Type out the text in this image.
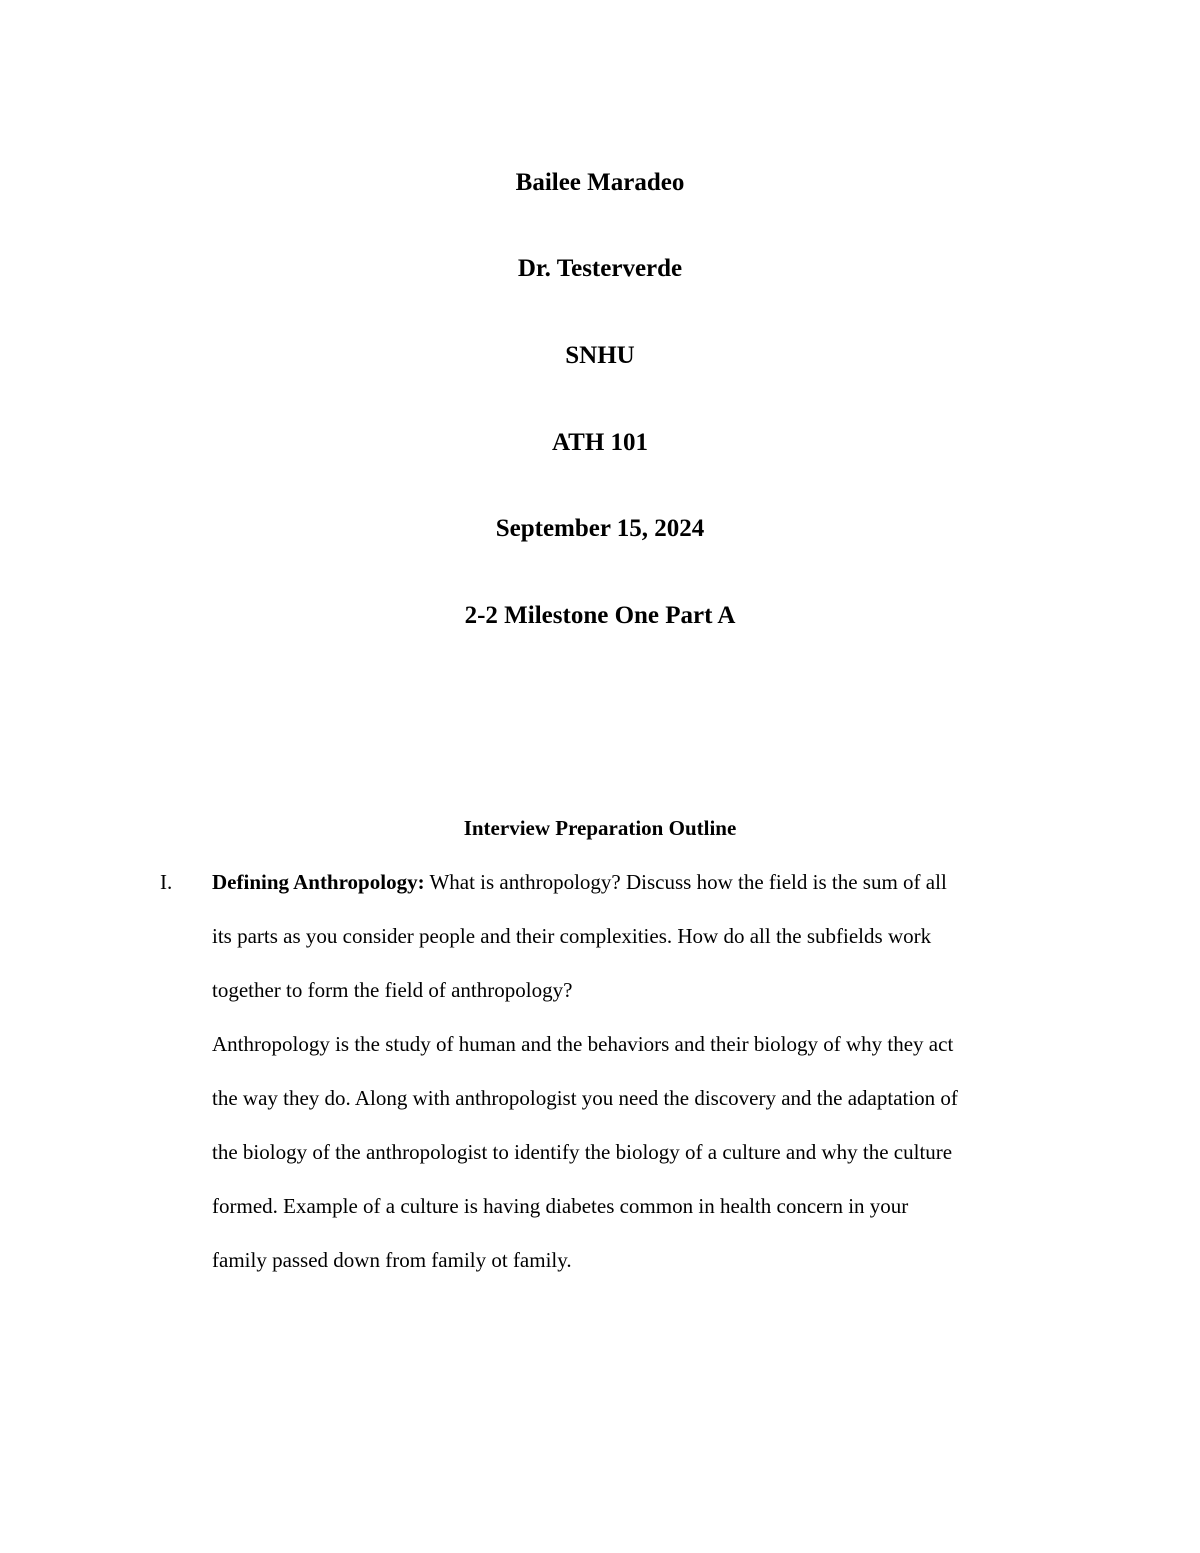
Bailee Maradeo
Dr. Testerverde
SNHU
ATH 101
September 15, 2024
2-2 Milestone One Part A
Interview Preparation Outline
I. Defining Anthropology: What is anthropology? Discuss how the field is the sum of all
its parts as you consider people and their complexities. How do all the subfields work
together to form the field of anthropology?
Anthropology is the study of human and the behaviors and their biology of why they act
the way they do. Along with anthropologist you need the discovery and the adaptation of
the biology of the anthropologist to identify the biology of a culture and why the culture
formed. Example of a culture is having diabetes common in health concern in your
family passed down from family ot family.
